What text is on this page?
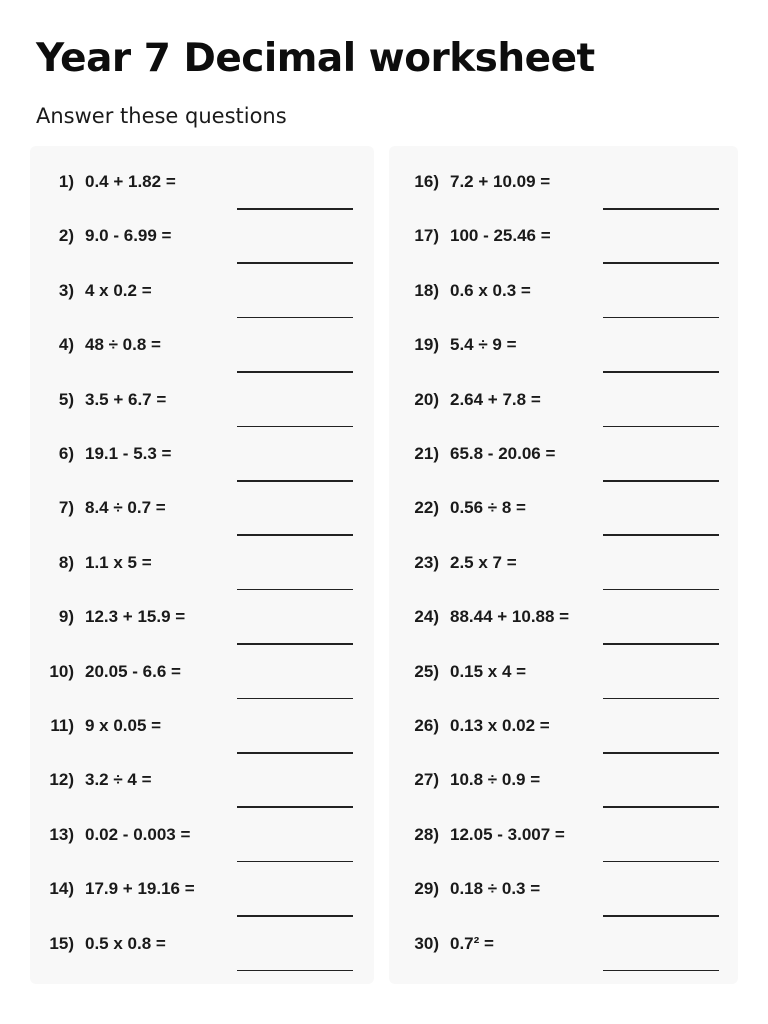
Year 7 Decimal worksheet
Answer these questions
1) 0.4 + 1.82 =
2) 9.0 - 6.99 =
3) 4 x 0.2 =
4) 48 ÷ 0.8 =
5) 3.5 + 6.7 =
6) 19.1 - 5.3 =
7) 8.4 ÷ 0.7 =
8) 1.1 x 5 =
9) 12.3 + 15.9 =
10) 20.05 - 6.6 =
11) 9 x 0.05 =
12) 3.2 ÷ 4 =
13) 0.02 - 0.003 =
14) 17.9 + 19.16 =
15) 0.5 x 0.8 =
16) 7.2 + 10.09 =
17) 100 - 25.46 =
18) 0.6 x 0.3 =
19) 5.4 ÷ 9 =
20) 2.64 + 7.8 =
21) 65.8 - 20.06 =
22) 0.56 ÷ 8 =
23) 2.5 x 7 =
24) 88.44 + 10.88 =
25) 0.15 x 4 =
26) 0.13 x 0.02 =
27) 10.8 ÷ 0.9 =
28) 12.05 - 3.007 =
29) 0.18 ÷ 0.3 =
30) 0.7² =
